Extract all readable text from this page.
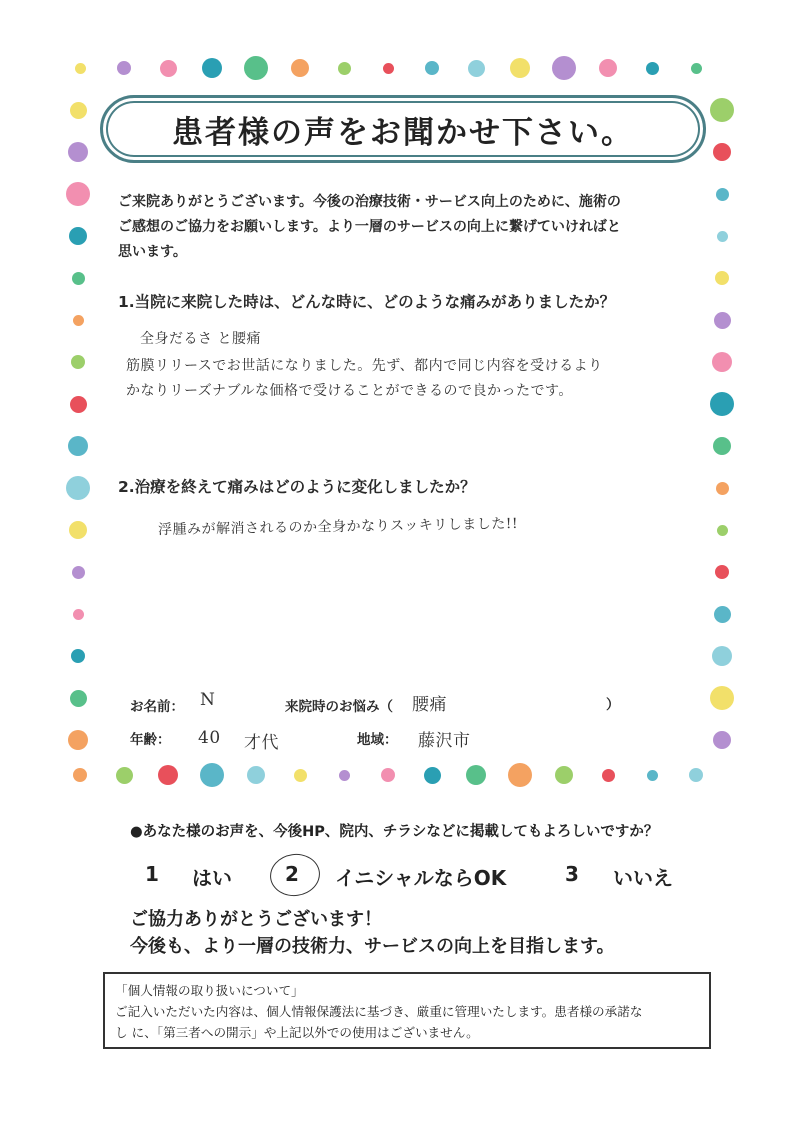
患者様の声をお聞かせ下さい。
ご来院ありがとうございます。今後の治療技術・サービス向上のために、施術の
ご感想のご協力をお願いします。より一層のサービスの向上に繋げていければと
思います。
1.当院に来院した時は、どんな時に、どのような痛みがありましたか？
全身だるさ と腰痛
筋膜リリースでお世話になりました。先ず、都内で同じ内容を受けるより
かなりリーズナブルな価格で受けることができるので良かったです。
2.治療を終えて痛みはどのように変化しましたか？
浮腫みが解消されるのか全身かなりスッキリしました!!
お名前： N	来院時のお悩み（ 腰痛	）
年齢： 40 才代	地域： 藤沢市
●あなた様のお声を、今後HP、院内、チラシなどに掲載してもよろしいですか？
1 はい	2 イニシャルならOK	3 いいえ
ご協力ありがとうございます！
今後も、より一層の技術力、サービスの向上を目指します。
「個人情報の取り扱いについて」
ご記入いただいた内容は、個人情報保護法に基づき、厳重に管理いたします。患者様の承諾な
し に、「第三者への開示」や上記以外での使用はございません。
